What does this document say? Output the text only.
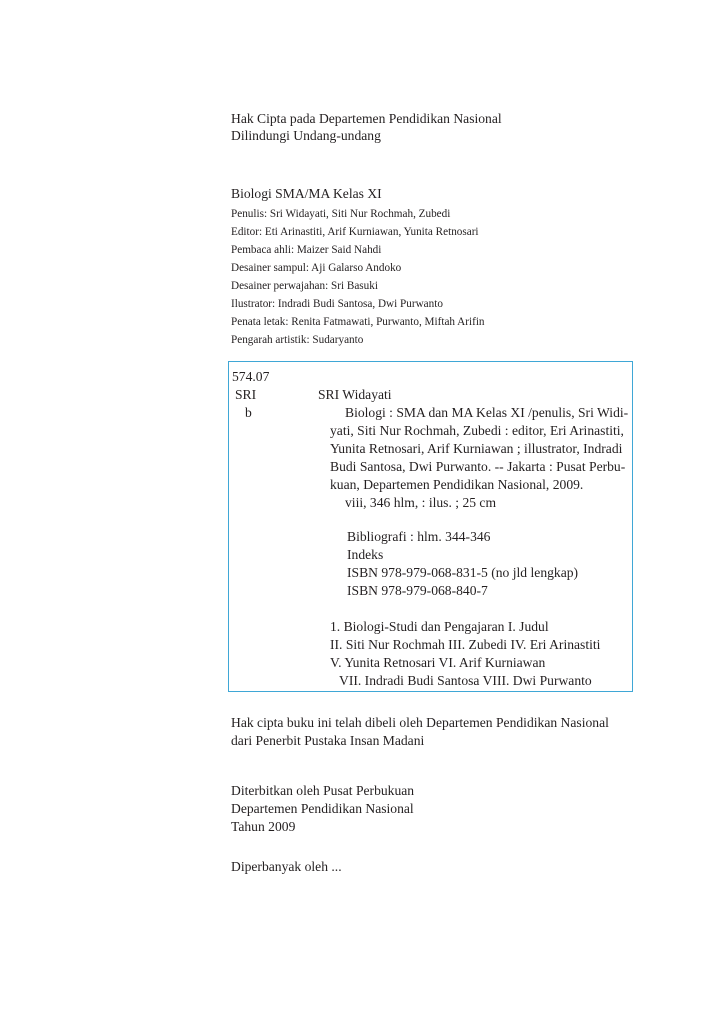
Hak Cipta pada Departemen Pendidikan Nasional
Dilindungi Undang-undang
Biologi SMA/MA Kelas XI
Penulis: Sri Widayati, Siti Nur Rochmah, Zubedi
Editor: Eti Arinastiti, Arif Kurniawan, Yunita Retnosari
Pembaca ahli: Maizer Said Nahdi
Desainer sampul: Aji Galarso Andoko
Desainer perwajahan: Sri Basuki
Ilustrator: Indradi Budi Santosa, Dwi Purwanto
Penata letak: Renita Fatmawati, Purwanto, Miftah Arifin
Pengarah artistik: Sudaryanto
574.07
SRI
b
SRI Widayati
Biologi : SMA dan MA Kelas XI /penulis, Sri Widi-
yati, Siti Nur Rochmah, Zubedi : editor, Eri Arinastiti,
Yunita Retnosari, Arif Kurniawan ; illustrator, Indradi
Budi Santosa, Dwi Purwanto. -- Jakarta : Pusat Perbu-
kuan, Departemen Pendidikan Nasional, 2009.
viii, 346 hlm, : ilus. ; 25 cm
Bibliografi : hlm. 344-346
Indeks
ISBN 978-979-068-831-5 (no jld lengkap)
ISBN 978-979-068-840-7
1. Biologi-Studi dan Pengajaran I. Judul
II. Siti Nur Rochmah III. Zubedi IV. Eri Arinastiti
V. Yunita Retnosari VI. Arif Kurniawan
VII. Indradi Budi Santosa VIII. Dwi Purwanto
Hak cipta buku ini telah dibeli oleh Departemen Pendidikan Nasional
dari Penerbit Pustaka Insan Madani
Diterbitkan oleh Pusat Perbukuan
Departemen Pendidikan Nasional
Tahun 2009
Diperbanyak oleh ...
